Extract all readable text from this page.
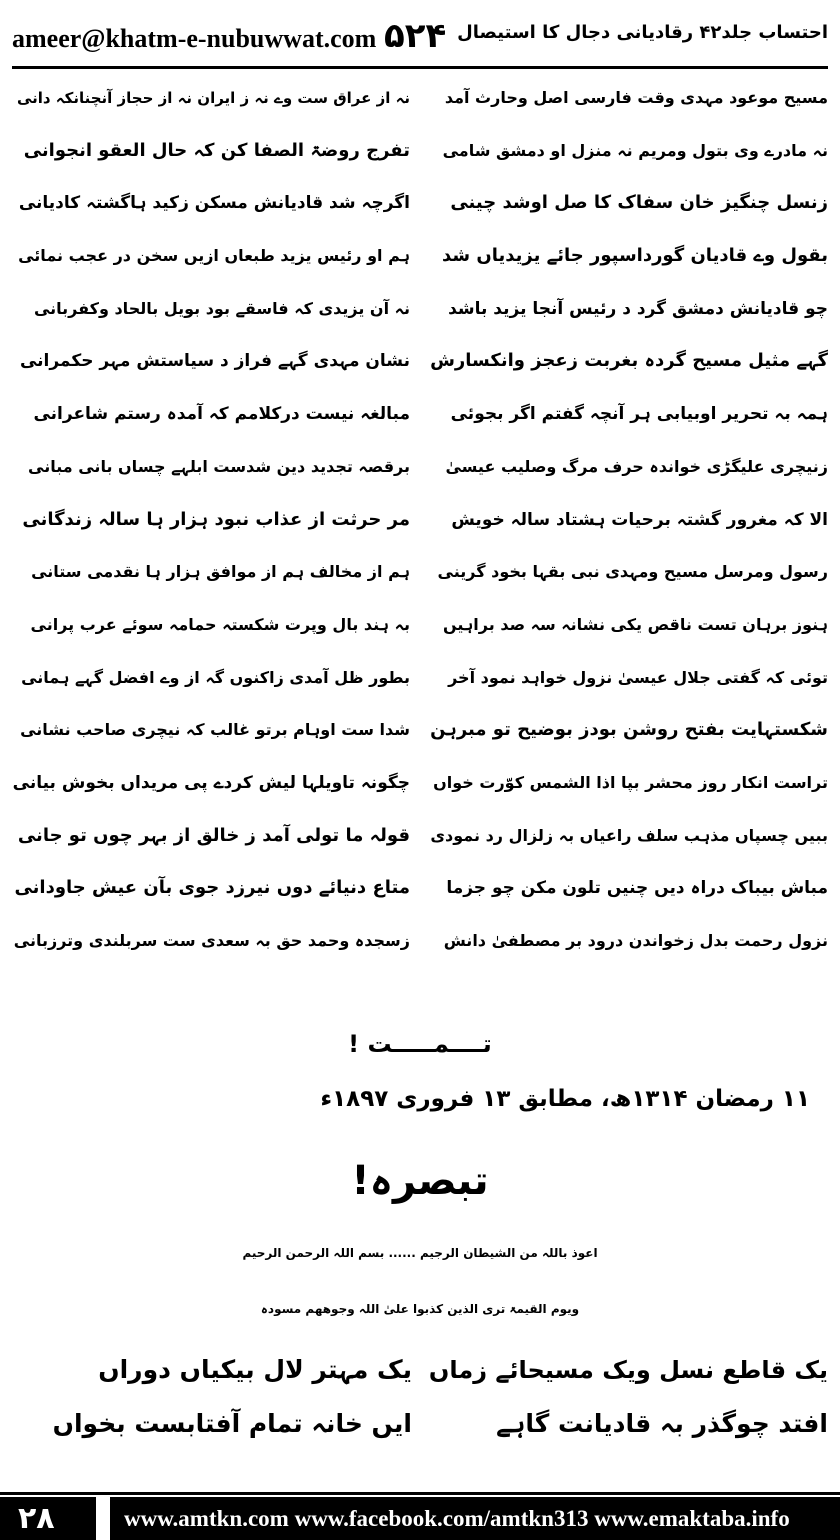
ameer@khatm-e-nubuwwat.com ۵۲۴ احتساب جلد۴۲ رقادیانی دجال کا استیصال
مسیح موعود مہدی وقت فارسی اصل وحارث آمد
نہ مادرے وی بتول ومریم نہ منزل او دمشق شامی
زنسل چنگیز خان سفاک کا صل اوشد چینی
بقول وے قادیان گورداسپور جائے یزیدیاں شد
چو قادیانش دمشق گرد د رئیس آنجا یزید باشد
گہے مثیل مسیح گردہ بغربت زعجز وانکسارش
ہمہ بہ تحریر اوبیابی ہر آنچہ گفتم اگر بجوئی
زنیچری علیگڑی خواندہ حرف مرگ وصلیب عیسیٰ
الا کہ مغرور گشتہ برحیات ہشتاد سالہ خویش
رسول ومرسل مسیح ومہدی نبی بقہا بخود گرینی
ہنوز برہان تست ناقص یکی نشانہ سہ صد براہیں
توئی کہ گفتی جلال عیسیٰ نزول خواہد نمود آخر
شکستہایت بفتح روشن بودز بوضیح تو مبرہن
تراست انکار روز محشر بپا اذا الشمس کوّرت خواں
ببیں چسپاں مذہب سلف راعیاں بہ زلزال رد نمودی
مباش بیباک دراہ دیں چنیں تلون مکن چو جزما
نزول رحمت بدل زخواندن درود بر مصطفیٰ دانش
نہ از عراق ست وے نہ ز ایران نہ از حجاز آنچنانکہ دانی
تفرج روضۃ الصفا کن کہ حال العقو انجوانی
اگرچہ شد قادیانش مسکن زکید ہاگشتہ کادیانی
ہم او رئیس یزید طبعاں ازیں سخن در عجب نمائی
نہ آن یزیدی کہ فاسقے بود بویل بالحاد وکفربانی
نشان مہدی گہے فراز د سیاستش مہر حکمرانی
مبالغہ نیست درکلامم کہ آمدہ رستم شاعرانی
برقصہ تجدید دین شدست ابلہے چساں بانی مبانی
مر حرثت از عذاب نبود ہزار ہا سالہ زندگانی
ہم از مخالف ہم از موافق ہزار ہا نقدمی ستانی
بہ ہند بال وپرت شکستہ حمامہ سوئے عرب پرانی
بطور ظل آمدی زاکنوں گہ از وے افضل گہے ہمانی
شدا ست اوہام برتو غالب کہ نیچری صاحب نشانی
چگونہ تاویلہا لیش کردے پی مریداں بخوش بیانی
قولہ ما تولی آمد ز خالق از بہر چوں تو جانی
متاع دنیائے دوں نیرزد جوی بآن عیش جاودانی
زسجدہ وحمد حق بہ سعدی ست سربلندی وترزبانی
تــــمـــــت !
۱۱ رمضان ۱۳۱۴ھ، مطابق ۱۳ فروری ۱۸۹۷ء
تبصرہ!
اعوذ باللہ من الشیطان الرجیم ...... بسم اللہ الرحمن الرحیم
ویوم القیمۃ تری الذین کذبوا علیٰ اللہ وجوھھم مسودہ
یک قاطع نسل ویک مسیحائے زماں
یک مہتر لال بیکیاں دوراں
افتد چوگذر بہ قادیانت گاہے
ایں خانہ تمام آفتابست بخواں
۲۸	www.amtkn.com www.facebook.com/amtkn313 www.emaktaba.info
